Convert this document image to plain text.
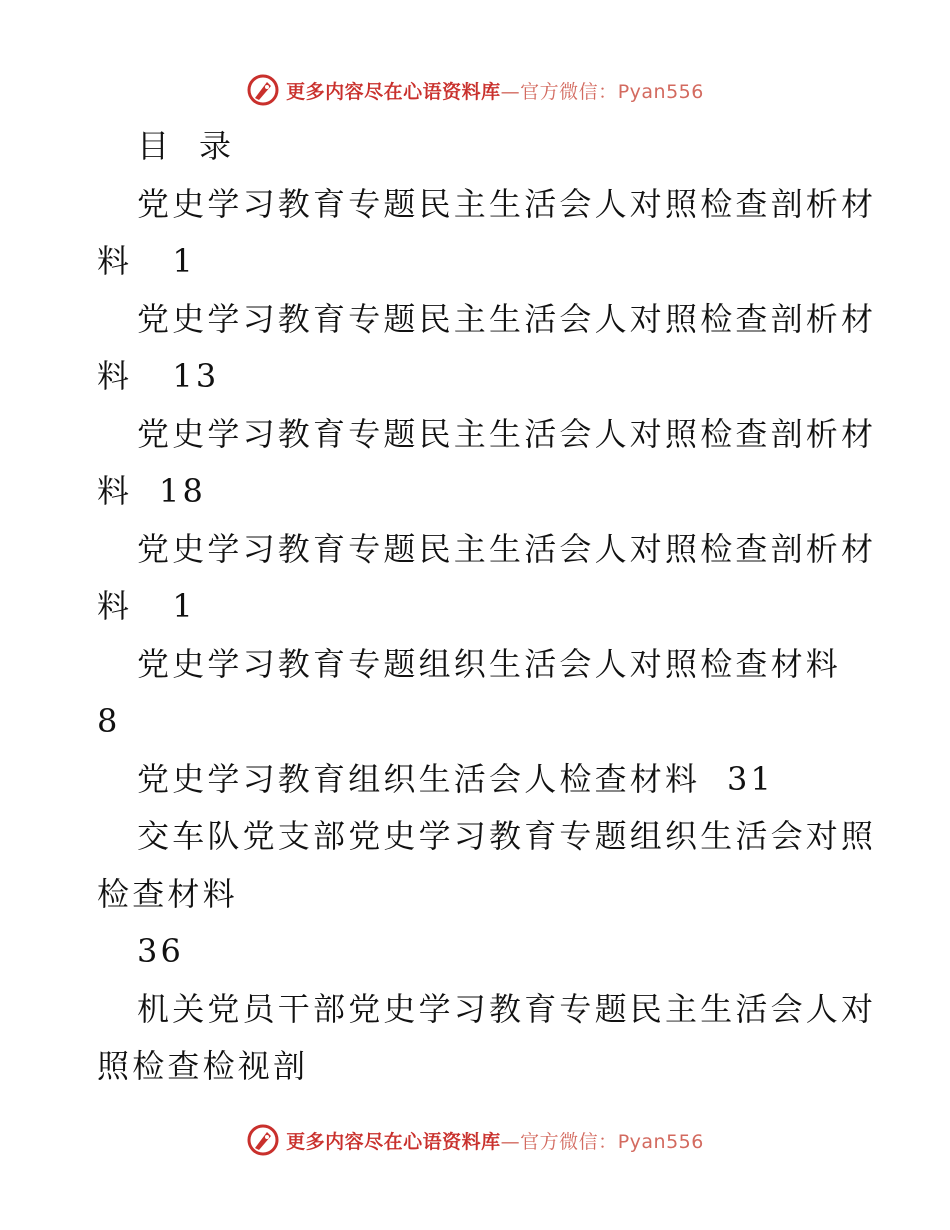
更多内容尽在心语资料库—官方微信：Pyan556
目  录
党史学习教育专题民主生活会人对照检查剖析材
料   1
党史学习教育专题民主生活会人对照检查剖析材
料   13
党史学习教育专题民主生活会人对照检查剖析材
料  18
党史学习教育专题民主生活会人对照检查剖析材
料   1
党史学习教育专题组织生活会人对照检查材料
8
党史学习教育组织生活会人检查材料  31
交车队党支部党史学习教育专题组织生活会对照
检查材料
36
机关党员干部党史学习教育专题民主生活会人对
照检查检视剖
更多内容尽在心语资料库—官方微信：Pyan556
